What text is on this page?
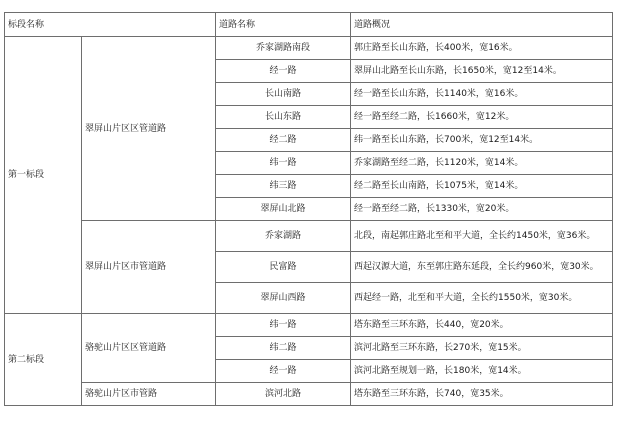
标段名称		道路名称	道路概况
第一标段	翠屏山片区区管道路	乔家湖路南段	郭庄路至长山东路，长400米，宽16米。
		经一路	翠屏山北路至长山东路，长1650米，宽12至14米。
		长山南路	经一路至长山东路，长1140米，宽16米。
		长山东路	经一路至经二路，长1660米，宽12米。
		经二路	纬一路至长山东路，长700米，宽12至14米。
		纬一路	乔家湖路至经二路，长1120米，宽14米。
		纬三路	经二路至长山南路，长1075米，宽14米。
		翠屏山北路	经一路至经二路，长1330米，宽20米。
	翠屏山片区市管道路	乔家湖路	北段，南起郭庄路北至和平大道，全长约1450米，宽36米。
		民富路	西起汉源大道，东至郭庄路东延段，全长约960米，宽30米。
		翠屏山西路	西起经一路，北至和平大道，全长约1550米，宽30米。
第二标段	骆驼山片区区管道路	纬一路	塔东路至三环东路，长440，宽20米。
		纬二路	滨河北路至三环东路，长270米，宽15米。
		经一路	滨河北路至规划一路，长180米，宽14米。
	骆驼山片区市管路	滨河北路	塔东路至三环东路，长740，宽35米。
